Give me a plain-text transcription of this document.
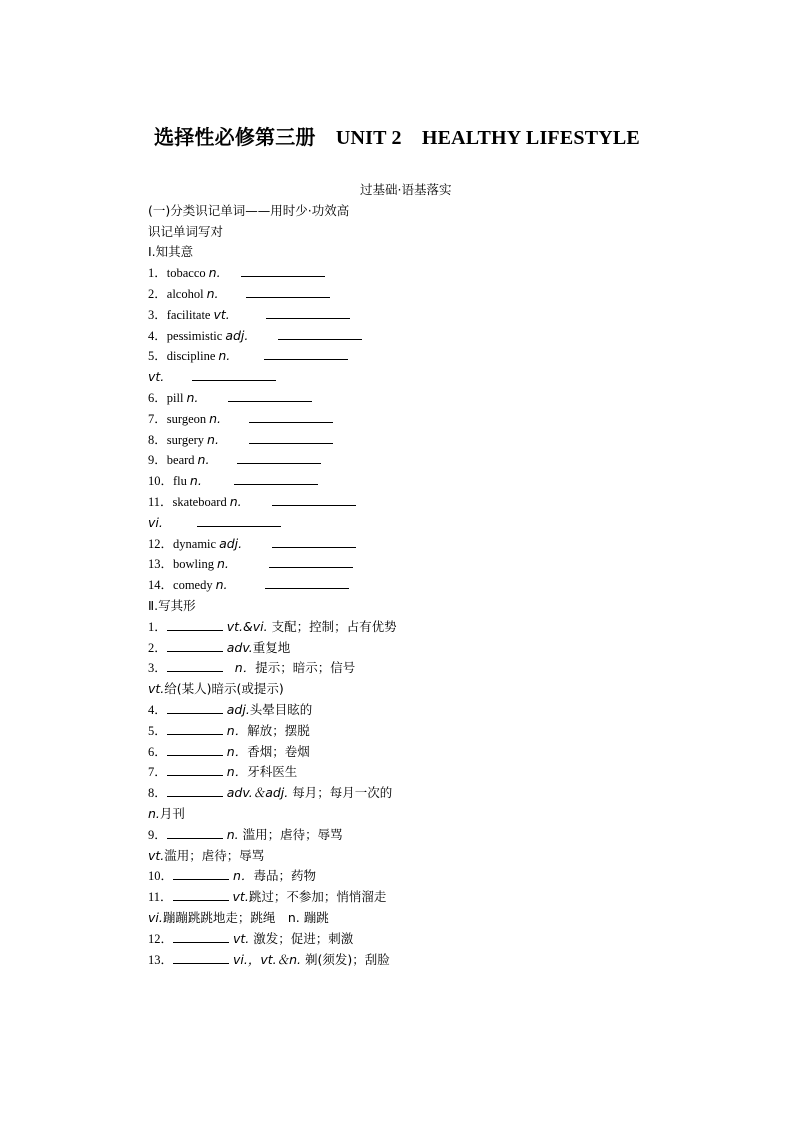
选择性必修第三册　UNIT 2　HEALTHY LIFESTYLE
过基础·语基落实
(一)分类识记单词——用时少·功效高
识记单词写对
Ⅰ.知其意
1．tobacco n.
2．alcohol n.
3．facilitate vt.
4．pessimistic adj.
5．discipline n.
vt.
6．pill n.
7．surgeon n.
8．surgery n.
9．beard n.
10．flu n.
11．skateboard n.
vi.
12．dynamic adj.
13．bowling n.
14．comedy n.
Ⅱ.写其形
1．	vt.&vi. 支配；控制；占有优势
2．	adv.重复地
3．	n．提示；暗示；信号
vt.给(某人)暗示(或提示)
4．	adj.头晕目眩的
5．	n．解放；摆脱
6．	n．香烟；卷烟
7．	n．牙科医生
8．	adv.＆adj. 每月；每月一次的
n.月刊
9．	n. 滥用；虐待；辱骂
vt.滥用；虐待；辱骂
10．	n．毒品；药物
11．	vt.跳过；不参加；悄悄溜走
vi.蹦蹦跳跳地走；跳绳　n. 蹦跳
12．	vt. 激发；促进；刺激
13．	vi.，vt.＆n. 剃(须发)；刮脸
